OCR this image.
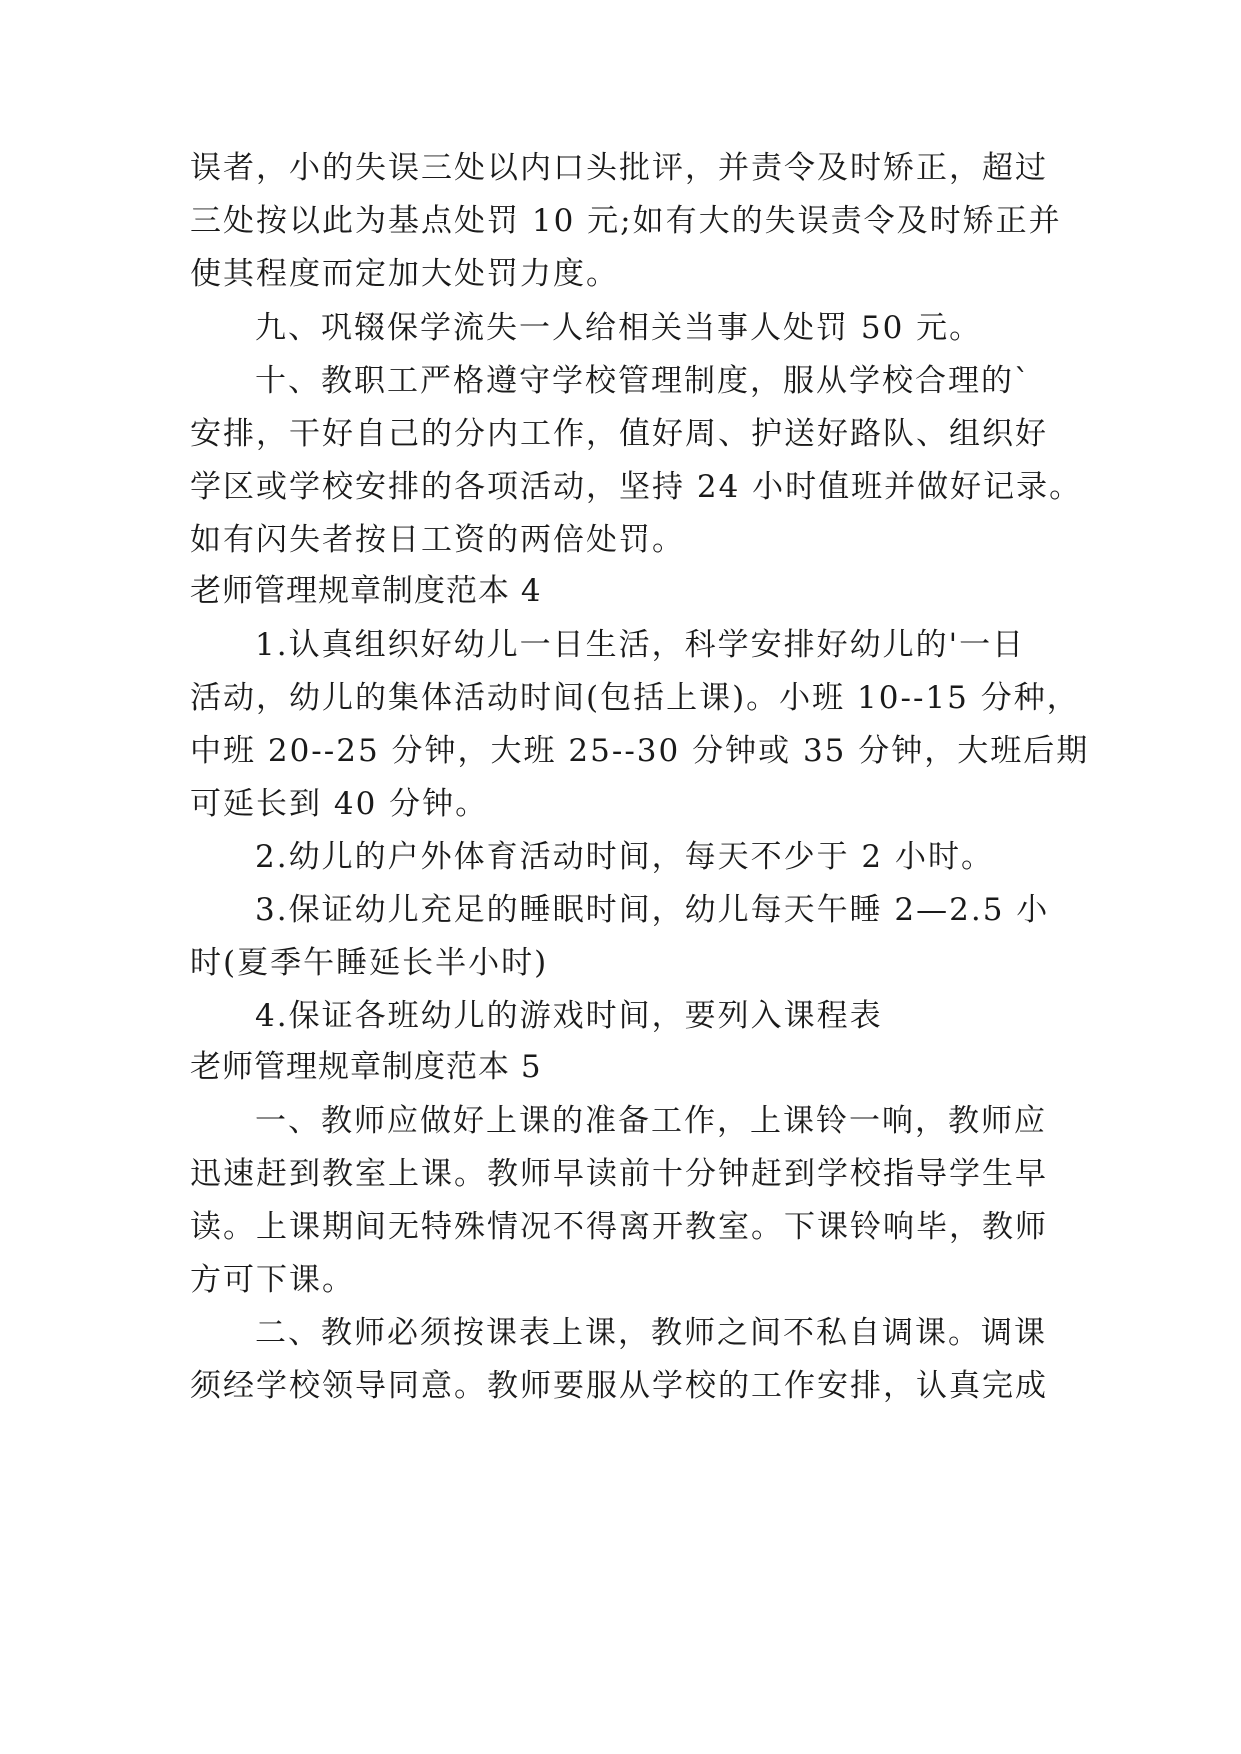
误者，小的失误三处以内口头批评，并责令及时矫正，超过
三处按以此为基点处罚 10 元;如有大的失误责令及时矫正并
使其程度而定加大处罚力度。
九、巩辍保学流失一人给相关当事人处罚 50 元。
十、教职工严格遵守学校管理制度，服从学校合理的`
安排，干好自己的分内工作，值好周、护送好路队、组织好
学区或学校安排的各项活动，坚持 24 小时值班并做好记录。
如有闪失者按日工资的两倍处罚。
老师管理规章制度范本 4
1.认真组织好幼儿一日生活，科学安排好幼儿的'一日
活动，幼儿的集体活动时间(包括上课)。小班 10--15 分种，
中班 20--25 分钟，大班 25--30 分钟或 35 分钟，大班后期
可延长到 40 分钟。
2.幼儿的户外体育活动时间，每天不少于 2 小时。
3.保证幼儿充足的睡眠时间，幼儿每天午睡 2—2.5 小
时(夏季午睡延长半小时)
4.保证各班幼儿的游戏时间，要列入课程表
老师管理规章制度范本 5
一、教师应做好上课的准备工作，上课铃一响，教师应
迅速赶到教室上课。教师早读前十分钟赶到学校指导学生早
读。上课期间无特殊情况不得离开教室。下课铃响毕，教师
方可下课。
二、教师必须按课表上课，教师之间不私自调课。调课
须经学校领导同意。教师要服从学校的工作安排，认真完成
